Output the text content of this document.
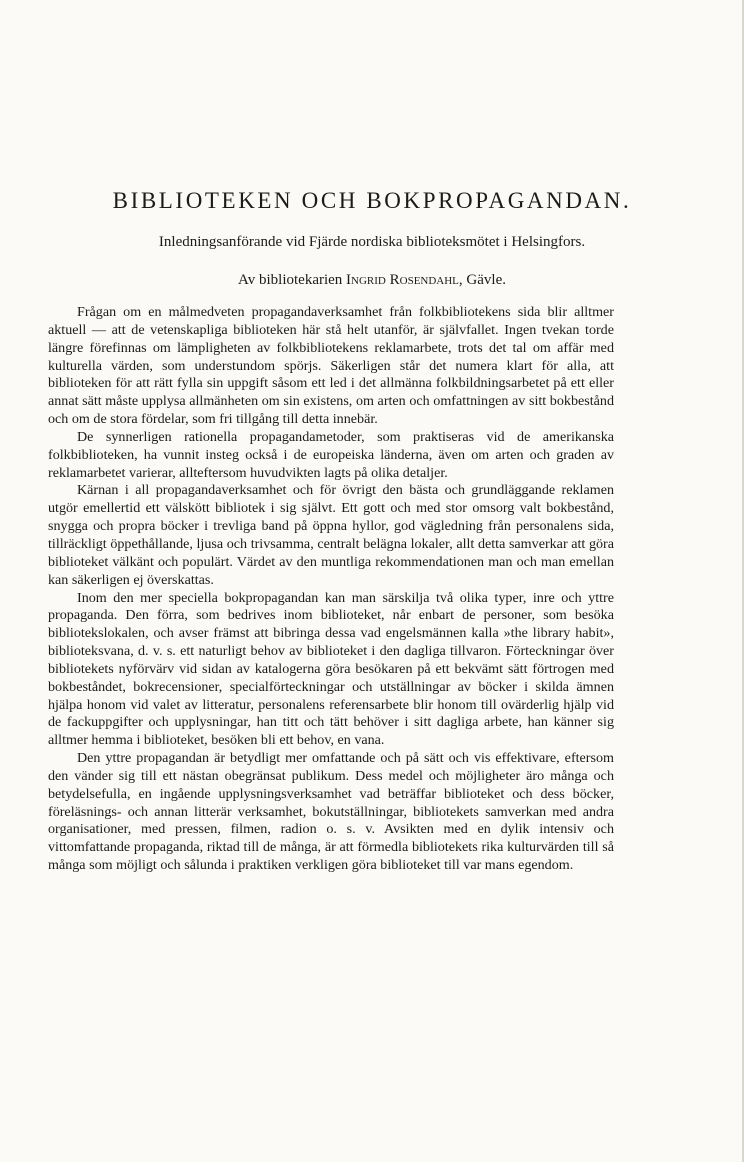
BIBLIOTEKEN OCH BOKPROPAGANDAN.

Inledningsanförande vid Fjärde nordiska biblioteksmötet i Helsingfors.

Av bibliotekarien Ingrid Rosendahl, Gävle.

Frågan om en målmedveten propagandaverksamhet från folkbibliotekens sida blir alltmer aktuell — att de vetenskapliga biblioteken här stå helt utanför, är självfallet. Ingen tvekan torde längre förefinnas om lämpligheten av folkbibliotekens reklamarbete, trots det tal om affär med kulturella värden, som understundom spörjs. Säkerligen står det numera klart för alla, att biblioteken för att rätt fylla sin uppgift såsom ett led i det allmänna folkbildningsarbetet på ett eller annat sätt måste upplysa allmänheten om sin existens, om arten och omfattningen av sitt bokbestånd och om de stora fördelar, som fri tillgång till detta innebär.

De synnerligen rationella propagandametoder, som praktiseras vid de amerikanska folkbiblioteken, ha vunnit insteg också i de europeiska länderna, även om arten och graden av reklamarbetet varierar, allteftersom huvudvikten lagts på olika detaljer.

Kärnan i all propagandaverksamhet och för övrigt den bästa och grundläggande reklamen utgör emellertid ett välskött bibliotek i sig självt. Ett gott och med stor omsorg valt bokbestånd, snygga och propra böcker i trevliga band på öppna hyllor, god vägledning från personalens sida, tillräckligt öppethållande, ljusa och trivsamma, centralt belägna lokaler, allt detta samverkar att göra biblioteket välkänt och populärt. Värdet av den muntliga rekommendationen man och man emellan kan säkerligen ej överskattas.

Inom den mer speciella bokpropagandan kan man särskilja två olika typer, inre och yttre propaganda. Den förra, som bedrives inom biblioteket, når enbart de personer, som besöka bibliotekslokalen, och avser främst att bibringa dessa vad engelsmännen kalla »the library habit», biblioteksvana, d. v. s. ett naturligt behov av biblioteket i den dagliga tillvaron. Förteckningar över bibliotekets nyförvärv vid sidan av katalogerna göra besökaren på ett bekvämt sätt förtrogen med bokbeståndet, bokrecensioner, specialförteckningar och utställningar av böcker i skilda ämnen hjälpa honom vid valet av litteratur, personalens referensarbete blir honom till ovärderlig hjälp vid de fackuppgifter och upplysningar, han titt och tätt behöver i sitt dagliga arbete, han känner sig alltmer hemma i biblioteket, besöken bli ett behov, en vana.

Den yttre propagandan är betydligt mer omfattande och på sätt och vis effektivare, eftersom den vänder sig till ett nästan obegränsat publikum. Dess medel och möjligheter äro många och betydelsefulla, en ingående upplysningsverksamhet vad beträffar biblioteket och dess böcker, föreläsnings- och annan litterär verksamhet, bokutställningar, bibliotekets samverkan med andra organisationer, med pressen, filmen, radion o. s. v. Avsikten med en dylik intensiv och vittomfattande propaganda, riktad till de många, är att förmedla bibliotekets rika kulturvärden till så många som möjligt och sålunda i praktiken verkligen göra biblioteket till var mans egendom.
